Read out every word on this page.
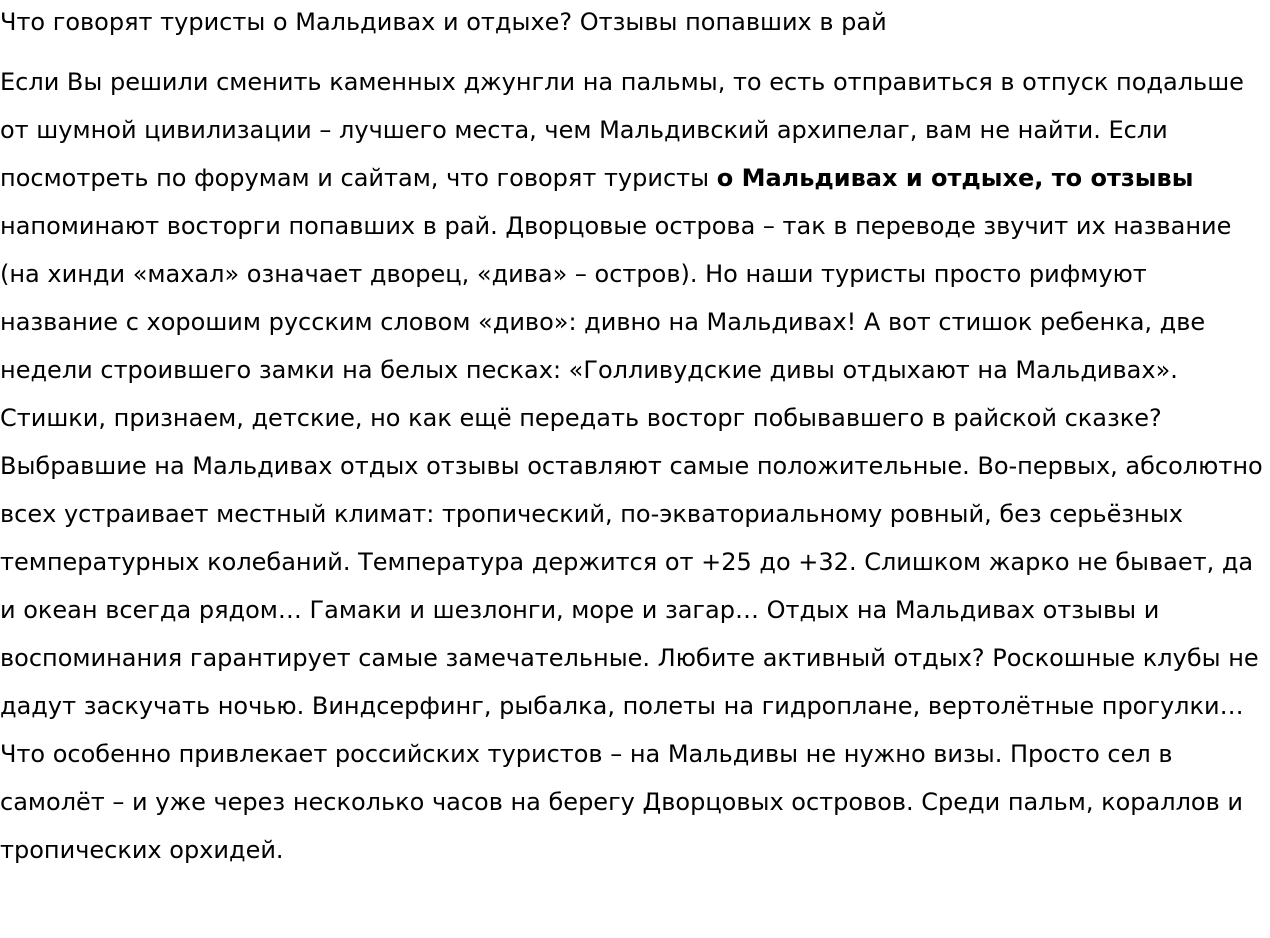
Что говорят туристы о Мальдивах и отдыхе? Отзывы попавших в рай

Если Вы решили сменить каменных джунгли на пальмы, то есть отправиться в отпуск подальше от шумной цивилизации – лучшего места, чем Мальдивский архипелаг, вам не найти. Если посмотреть по форумам и сайтам, что говорят туристы о Мальдивах и отдыхе, то отзывы напоминают восторги попавших в рай. Дворцовые острова – так в переводе звучит их название (на хинди «махал» означает дворец, «дива» – остров). Но наши туристы просто рифмуют название с хорошим русским словом «диво»: дивно на Мальдивах! А вот стишок ребенка, две недели строившего замки на белых песках: «Голливудские дивы отдыхают на Мальдивах». Стишки, признаем, детские, но как ещё передать восторг побывавшего в райской сказке? Выбравшие на Мальдивах отдых отзывы оставляют самые положительные. Во-первых, абсолютно всех устраивает местный климат: тропический, по-экваториальному ровный, без серьёзных температурных колебаний. Температура держится от +25 до +32. Слишком жарко не бывает, да и океан всегда рядом… Гамаки и шезлонги, море и загар… Отдых на Мальдивах отзывы и воспоминания гарантирует самые замечательные. Любите активный отдых? Роскошные клубы не дадут заскучать ночью. Виндсерфинг, рыбалка, полеты на гидроплане, вертолётные прогулки… Что особенно привлекает российских туристов – на Мальдивы не нужно визы. Просто сел в самолёт – и уже через несколько часов на берегу Дворцовых островов. Среди пальм, кораллов и тропических орхидей.
